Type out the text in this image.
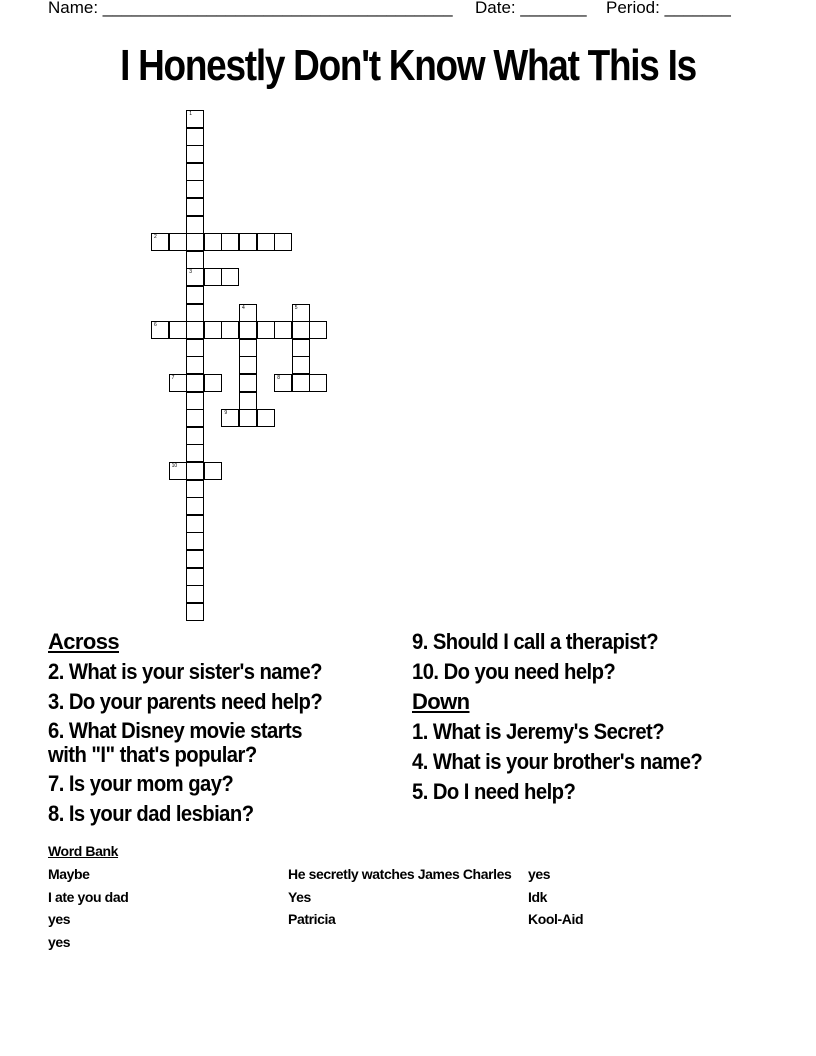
Name: _____________________________________ Date: _______ Period: _______
I Honestly Don't Know What This Is
1
3
2
4	5
6
7	8
9
10
Across
2. What is your sister's name?
3. Do your parents need help?
6. What Disney movie starts
with "I" that's popular?
7. Is your mom gay?
8. Is your dad lesbian?
9. Should I call a therapist?
10. Do you need help?
Down
1. What is Jeremy's Secret?
4. What is your brother's name?
5. Do I need help?
Word Bank
Maybe
I ate you dad
yes
yes
He secretly watches James Charles
Yes
Patricia
yes
Idk
Kool-Aid
